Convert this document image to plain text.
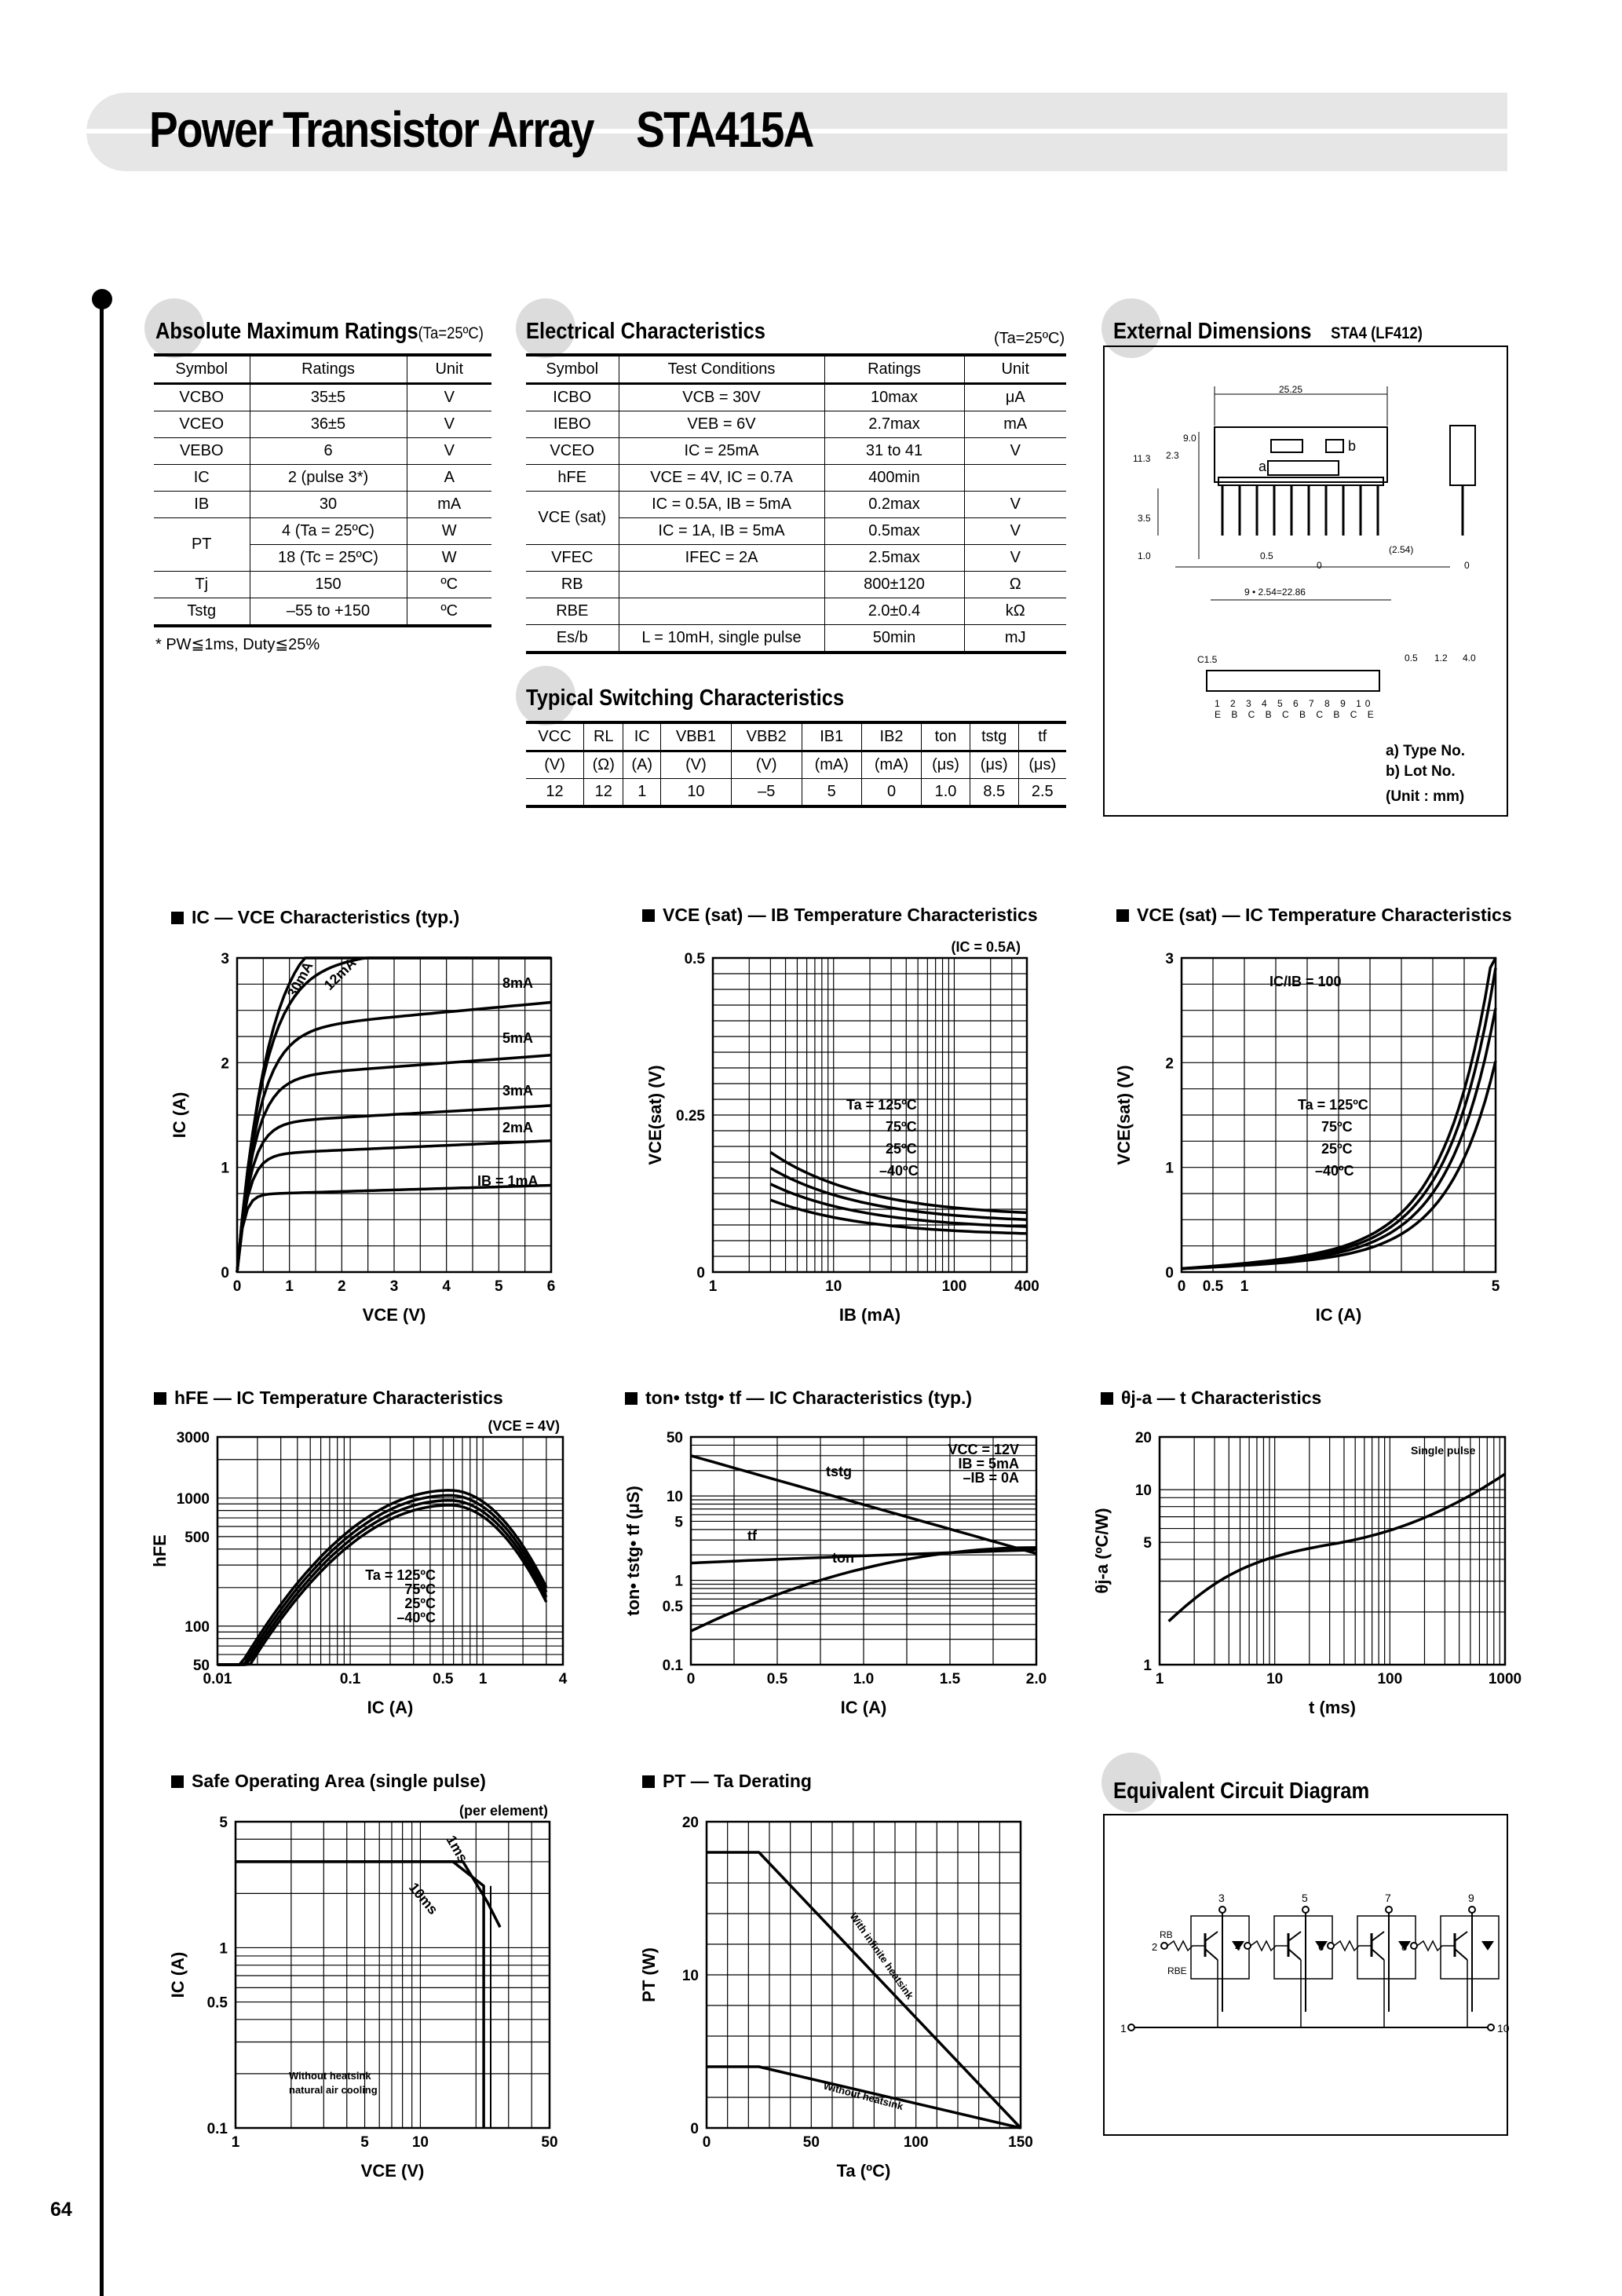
Power Transistor Array    STA415A
Absolute Maximum Ratings(Ta=25ºC)
Symbol	Ratings	Unit
VCBO	35±5	V
VCEO	36±5	V
VEBO	6	V
IC	2 (pulse 3*)	A
IB	30	mA
PT	4 (Ta = 25ºC)	W
	18 (Tc = 25ºC)	W
Tj	150	ºC
Tstg	–55 to +150	ºC
* PW≦1ms, Duty≦25%
Electrical Characteristics	(Ta=25ºC)
Symbol	Test Conditions	Ratings	Unit
ICBO	VCB = 30V	10max	μA
IEBO	VEB = 6V	2.7max	mA
VCEO	IC = 25mA	31 to 41	V
hFE	VCE = 4V, IC = 0.7A	400min	
VCE (sat)	IC = 0.5A, IB = 5mA	0.2max	V
	IC = 1A, IB = 5mA	0.5max	V
VFEC	IFEC = 2A	2.5max	V
RB		800±120	Ω
RBE		2.0±0.4	kΩ
Es/b	L = 10mH, single pulse	50min	mJ
Typical Switching Characteristics
VCC	RL	IC	VBB1	VBB2	IB1	IB2	ton	tstg	tf
(V)	(Ω)	(A)	(V)	(V)	(mA)	(mA)	(μs)	(μs)	(μs)
12	12	1	10	–5	5	0	1.0	8.5	2.5
External Dimensions STA4 (LF412)
25.25
9 • 2.54=22.86
a
b
1 2 3 4 5 6 7 8 9 10
E B C B C B C B C E
3.5
11.3 2.3
9.0
1.0	0.5
0
(2.54)
0
C1.5	0.5 1.2 4.0
a) Type No.
b) Lot No.
(Unit : mm)
IC — VCE Characteristics (typ.)	VCE (sat) — IB Temperature Characteristics	VCE (sat) — IC Temperature Characteristics
hFE — IC Temperature Characteristics	ton• tstg• tf — IC Characteristics (typ.)	θj-a — t Characteristics
Safe Operating Area (single pulse)	PT — Ta Derating
0	1	2	3	4	5	6
0
1
2
3
VCE (V)
IC (A)
8mA
5mA
3mA
2mA
IB = 1mA
30mA 12mA
1	10	100	400
0
0.25
0.5
IB (mA)
VCE(sat) (V)
(IC = 0.5A)
Ta = 125ºC
75ºC
25ºC
–40ºC
0 0.5 1	5
0
1
2
3
IC (A)
VCE(sat) (V)
IC/IB = 100
Ta = 125ºC
75ºC
25ºC
–40ºC
0.01	0.1	0.5 1	4
50
100
500
1000
3000
IC (A)
hFE
(VCE = 4V)
Ta = 125ºC
75ºC
25ºC
–40ºC
0	0.5	1.0	1.5	2.0
0.1
0.5
1
5
10
50
IC (A)
ton• tstg• tf (μS)
VCC = 12V
IB = 5mA
–IB = 0A
tstg
tf
ton
1	10	100	1000
1
5
10
20
t (ms)
θj-a (ºC/W)
Single pulse
1	5	10	50
0.1
0.5
1
5
VCE (V)
IC (A)
(per element)
1ms
10ms
Without heatsink
natural air cooling
0	50	100	150
0
10
20
Ta (ºC)
PT (W)	With infinite heatsink
Without heatsink
Equivalent Circuit Diagram
1	10
3
2
5
4
7
6
9
8
RB
RBE
64
